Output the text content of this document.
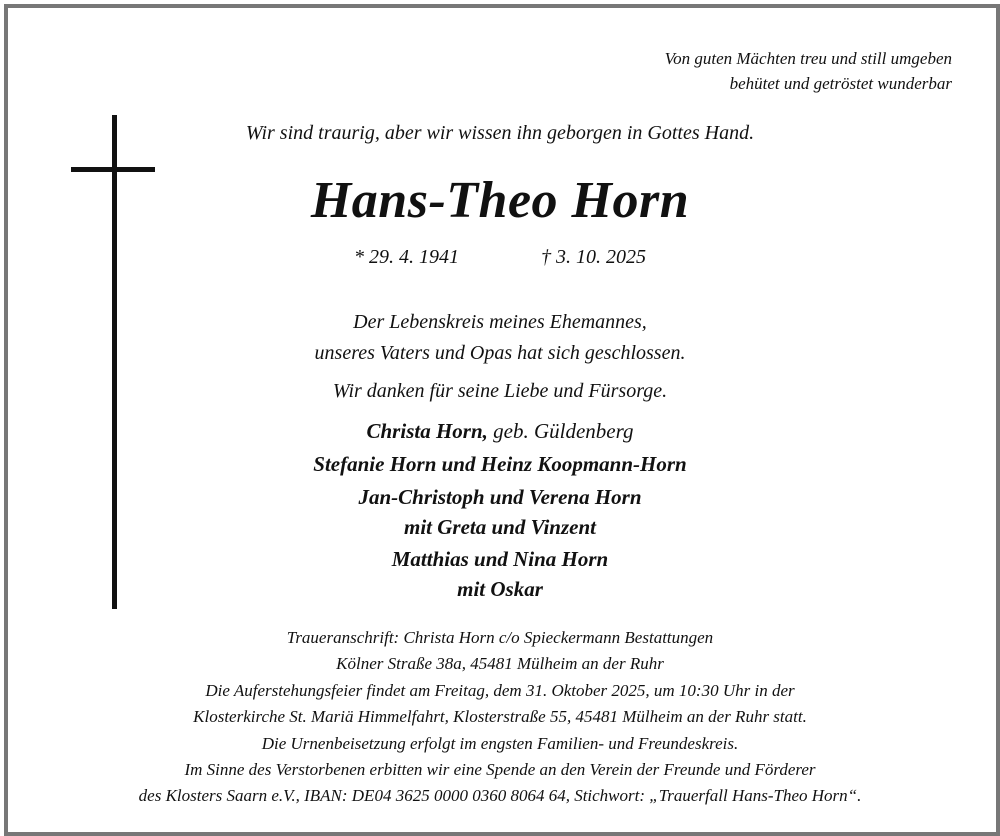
Von guten Mächten treu und still umgeben
behütet und getröstet wunderbar
Wir sind traurig, aber wir wissen ihn geborgen in Gottes Hand.
Hans-Theo Horn
* 29. 4. 1941	† 3. 10. 2025
Der Lebenskreis meines Ehemannes,
unseres Vaters und Opas hat sich geschlossen.
Wir danken für seine Liebe und Fürsorge.
Christa Horn, geb. Güldenberg
Stefanie Horn und Heinz Koopmann-Horn
Jan-Christoph und Verena Horn
mit Greta und Vinzent
Matthias und Nina Horn
mit Oskar
Traueranschrift: Christa Horn c/o Spieckermann Bestattungen
Kölner Straße 38a, 45481 Mülheim an der Ruhr
Die Auferstehungsfeier findet am Freitag, dem 31. Oktober 2025, um 10:30 Uhr in der
Klosterkirche St. Mariä Himmelfahrt, Klosterstraße 55, 45481 Mülheim an der Ruhr statt.
Die Urnenbeisetzung erfolgt im engsten Familien- und Freundeskreis.
Im Sinne des Verstorbenen erbitten wir eine Spende an den Verein der Freunde und Förderer
des Klosters Saarn e.V., IBAN: DE04 3625 0000 0360 8064 64, Stichwort: „Trauerfall Hans-Theo Horn“.
